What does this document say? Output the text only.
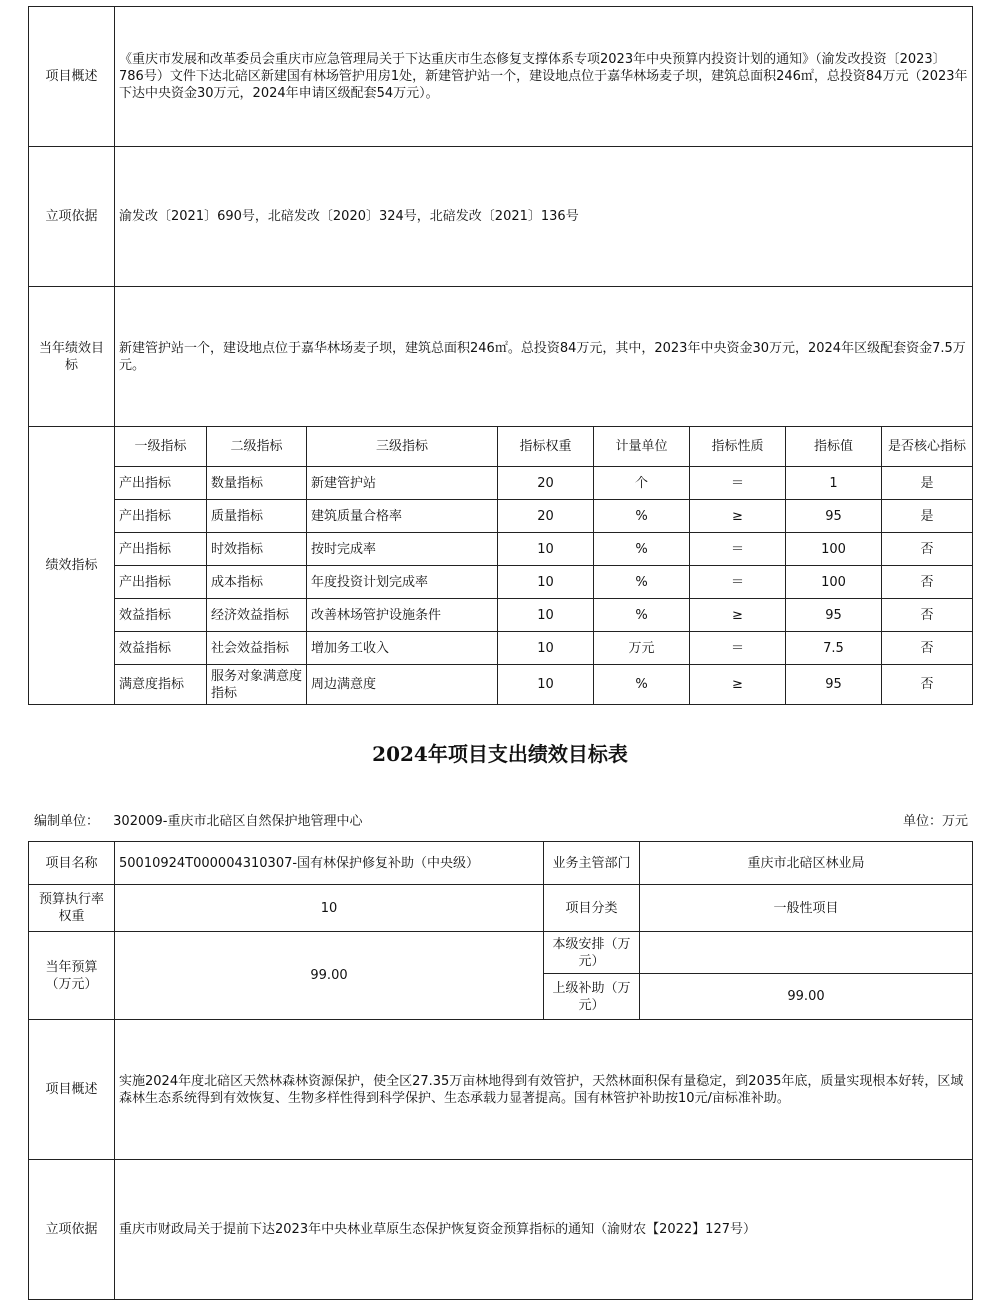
项目概述	《重庆市发展和改革委员会重庆市应急管理局关于下达重庆市生态修复支撑体系专项2023年中央预算内投资计划的通知》（渝发改投资〔2023〕786号）文件下达北碚区新建国有林场管护用房1处，新建管护站一个，建设地点位于嘉华林场麦子坝，建筑总面积246㎡，总投资84万元（2023年下达中央资金30万元，2024年申请区级配套54万元）。							
立项依据	渝发改〔2021〕690号，北碚发改〔2020〕324号，北碚发改〔2021〕136号							
当年绩效目标	新建管护站一个，建设地点位于嘉华林场麦子坝，建筑总面积246㎡。总投资84万元，其中，2023年中央资金30万元，2024年区级配套资金7.5万元。							
绩效指标	一级指标	二级指标	三级指标	指标权重	计量单位	指标性质	指标值	是否核心指标
	产出指标	数量指标	新建管护站	20	个	＝	1	是
	产出指标	质量指标	建筑质量合格率	20	%	≥	95	是
	产出指标	时效指标	按时完成率	10	%	＝	100	否
	产出指标	成本指标	年度投资计划完成率	10	%	＝	100	否
	效益指标	经济效益指标	改善林场管护设施条件	10	%	≥	95	否
	效益指标	社会效益指标	增加务工收入	10	万元	＝	7.5	否
	满意度指标	服务对象满意度指标	周边满意度	10	%	≥	95	否
2024年项目支出绩效目标表
编制单位： 302009-重庆市北碚区自然保护地管理中心	单位：万元
项目名称	50010924T000004310307-国有林保护修复补助（中央级）	业务主管部门	重庆市北碚区林业局
预算执行率权重	10	项目分类	一般性项目
当年预算（万元）	99.00	本级安排（万元）	
		上级补助（万元）	99.00
项目概述	实施2024年度北碚区天然林森林资源保护，使全区27.35万亩林地得到有效管护，天然林面积保有量稳定，到2035年底，质量实现根本好转，区域森林生态系统得到有效恢复、生物多样性得到科学保护、生态承载力显著提高。国有林管护补助按10元/亩标准补助。		
立项依据	重庆市财政局关于提前下达2023年中央林业草原生态保护恢复资金预算指标的通知（渝财农【2022】127号）		
